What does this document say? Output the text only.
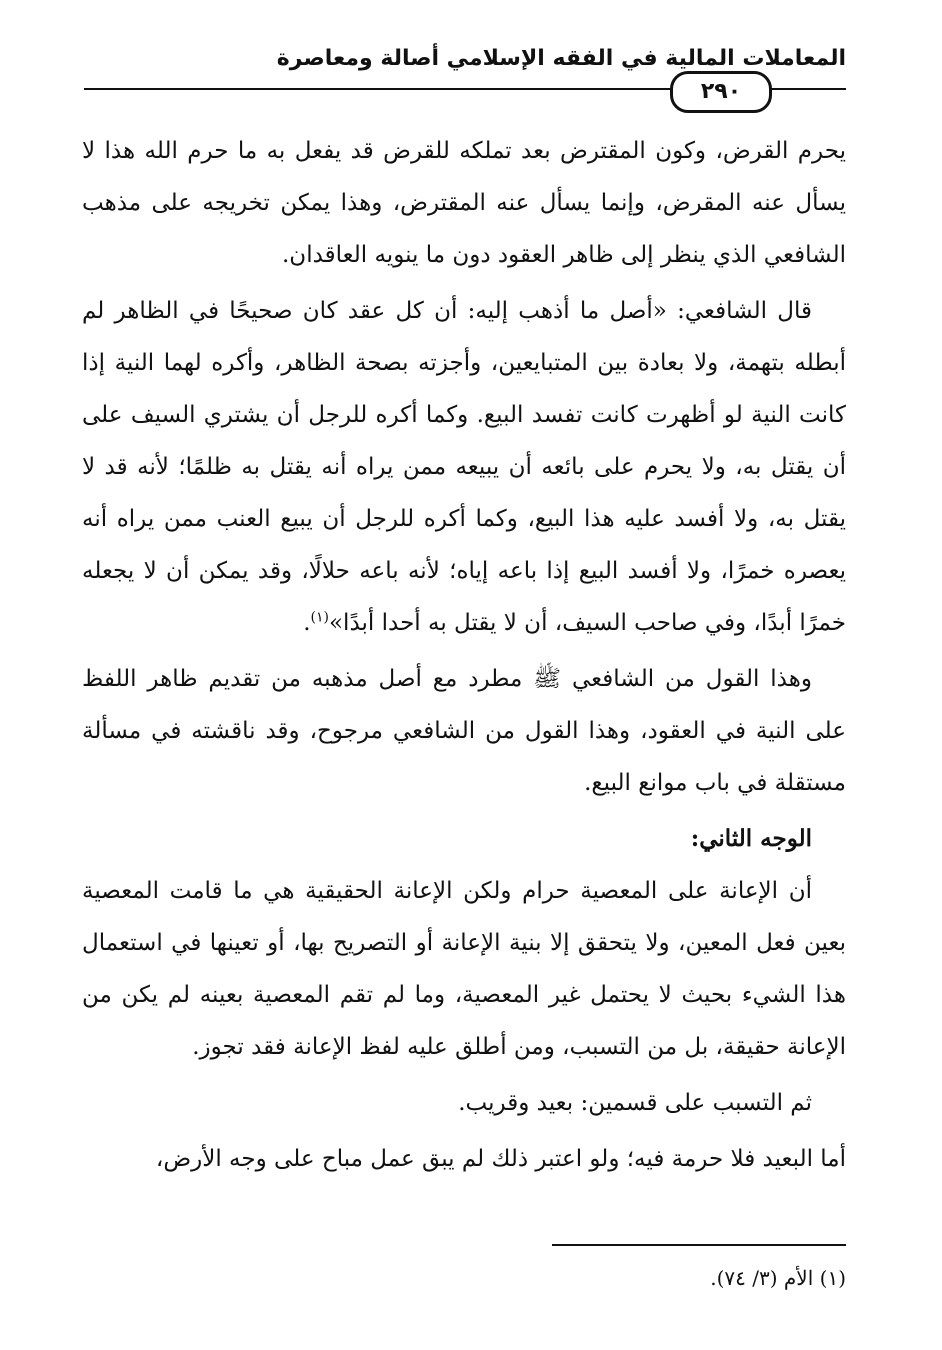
المعاملات المالية في الفقه الإسلامي أصالة ومعاصرة
٢٩٠

يحرم القرض، وكون المقترض بعد تملكه للقرض قد يفعل به ما حرم الله هذا لا يسأل عنه المقرض، وإنما يسأل عنه المقترض، وهذا يمكن تخريجه على مذهب الشافعي الذي ينظر إلى ظاهر العقود دون ما ينويه العاقدان.

قال الشافعي: «أصل ما أذهب إليه: أن كل عقد كان صحيحًا في الظاهر لم أبطله بتهمة، ولا بعادة بين المتبايعين، وأجزته بصحة الظاهر، وأكره لهما النية إذا كانت النية لو أظهرت كانت تفسد البيع. وكما أكره للرجل أن يشتري السيف على أن يقتل به، ولا يحرم على بائعه أن يبيعه ممن يراه أنه يقتل به ظلمًا؛ لأنه قد لا يقتل به، ولا أفسد عليه هذا البيع، وكما أكره للرجل أن يبيع العنب ممن يراه أنه يعصره خمرًا، ولا أفسد البيع إذا باعه إياه؛ لأنه باعه حلالًا، وقد يمكن أن لا يجعله خمرًا أبدًا، وفي صاحب السيف، أن لا يقتل به أحدا أبدًا»$^{(١)}$.

وهذا القول من الشافعي ﷺ مطرد مع أصل مذهبه من تقديم ظاهر اللفظ على النية في العقود، وهذا القول من الشافعي مرجوح، وقد ناقشته في مسألة مستقلة في باب موانع البيع.

الوجه الثاني:

أن الإعانة على المعصية حرام ولكن الإعانة الحقيقية هي ما قامت المعصية بعين فعل المعين، ولا يتحقق إلا بنية الإعانة أو التصريح بها، أو تعينها في استعمال هذا الشيء بحيث لا يحتمل غير المعصية، وما لم تقم المعصية بعينه لم يكن من الإعانة حقيقة، بل من التسبب، ومن أطلق عليه لفظ الإعانة فقد تجوز.

ثم التسبب على قسمين: بعيد وقريب.

أما البعيد فلا حرمة فيه؛ ولو اعتبر ذلك لم يبق عمل مباح على وجه الأرض،

(١) الأم (٣/ ٧٤).
